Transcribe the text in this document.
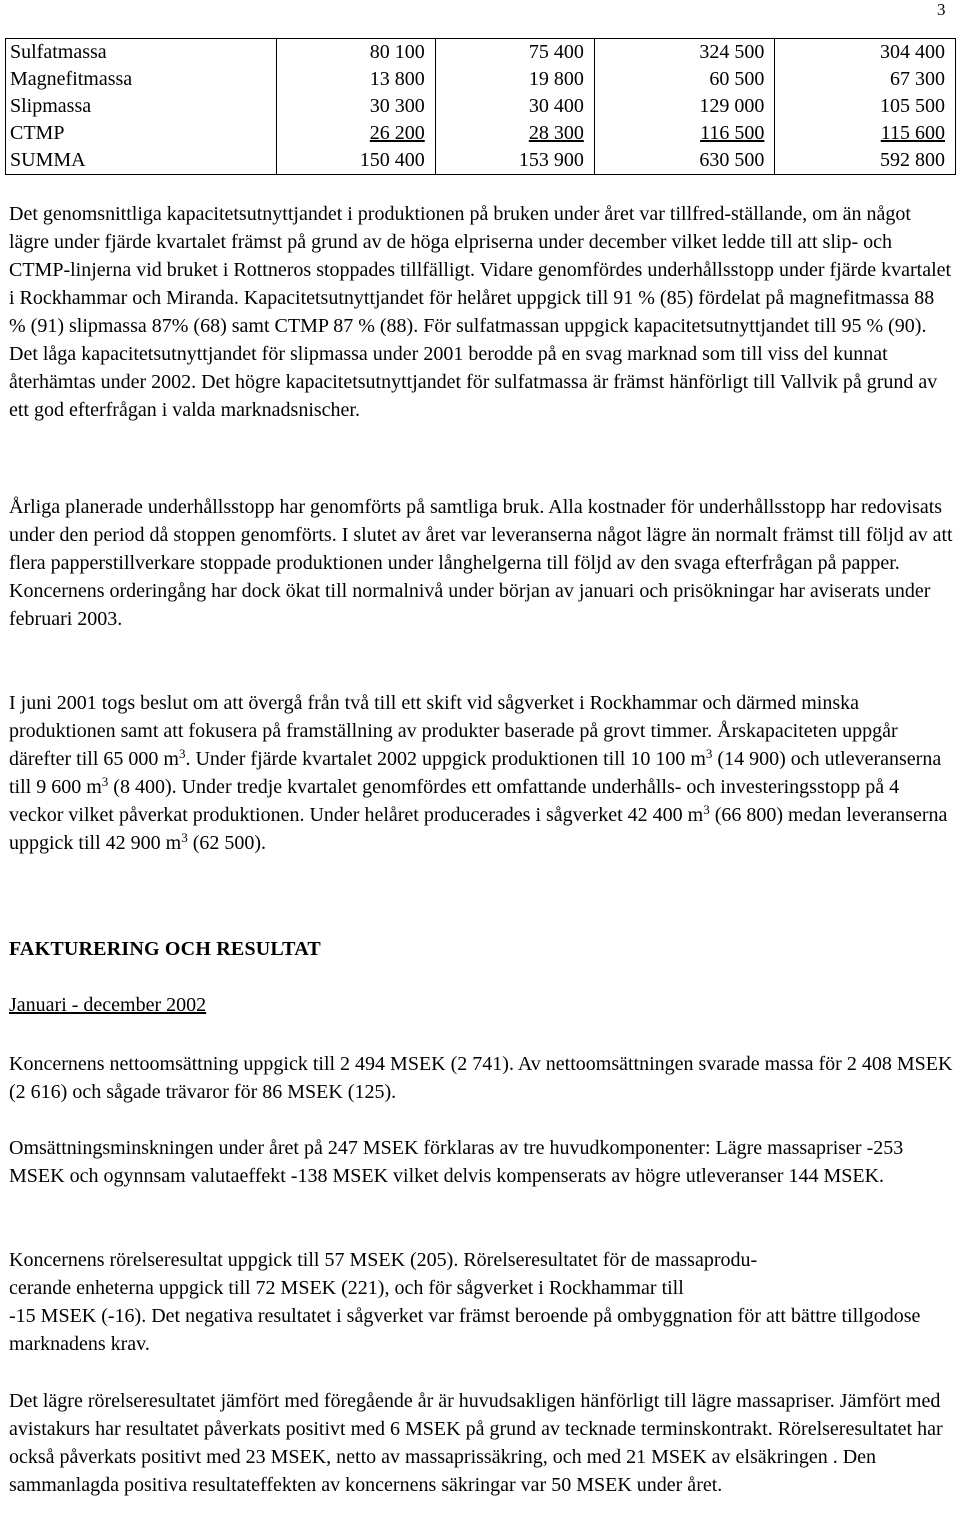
3
Sulfatmassa	80 100	75 400	324 500	304 400
Magnefitmassa	13 800	19 800	60 500	67 300
Slipmassa	30 300	30 400	129 000	105 500
CTMP	26 200	28 300	116 500	115 600
SUMMA	150 400	153 900	630 500	592 800

Det genomsnittliga kapacitetsutnyttjandet i produktionen på bruken under året var tillfred-ställande, om än något lägre under fjärde kvartalet främst på grund av de höga elpriserna under december vilket ledde till att slip- och CTMP-linjerna vid bruket i Rottneros stoppades tillfälligt. Vidare genomfördes underhållsstopp under fjärde kvartalet i Rockhammar och Miranda. Kapacitetsutnyttjandet för helåret uppgick till 91 % (85) fördelat på magnefitmassa 88 % (91) slipmassa 87% (68) samt CTMP 87 % (88). För sulfatmassan uppgick kapacitetsutnyttjandet till 95 % (90). Det låga kapacitetsutnyttjandet för slipmassa under 2001 berodde på en svag marknad som till viss del kunnat återhämtas under 2002. Det högre kapacitetsutnyttjandet för sulfatmassa är främst hänförligt till Vallvik på grund av ett god efterfrågan i valda marknadsnischer.

Årliga planerade underhållsstopp har genomförts på samtliga bruk. Alla kostnader för underhållsstopp har redovisats under den period då stoppen genomförts. I slutet av året var leveranserna något lägre än normalt främst till följd av att flera papperstillverkare stoppade produktionen under långhelgerna till följd av den svaga efterfrågan på papper. Koncernens orderingång har dock ökat till normalnivå under början av januari och prisökningar har aviserats under februari 2003.

I juni 2001 togs beslut om att övergå från två till ett skift vid sågverket i Rockhammar och därmed minska produktionen samt att fokusera på framställning av produkter baserade på grovt timmer. Årskapaciteten uppgår därefter till 65 000 $m^3$. Under fjärde kvartalet 2002 uppgick produktionen till 10 100 $m^3$ (14 900) och utleveranserna till 9 600 $m^3$ (8 400). Under tredje kvartalet genomfördes ett omfattande underhålls- och investeringsstopp på 4 veckor vilket påverkat produktionen. Under helåret producerades i sågverket 42 400 $m^3$ (66 800) medan leveranserna uppgick till 42 900 $m^3$ (62 500).

FAKTURERING OCH RESULTAT
Januari - december 2002

Koncernens nettoomsättning uppgick till 2 494 MSEK (2 741). Av nettoomsättningen svarade massa för 2 408 MSEK (2 616) och sågade trävaror för 86 MSEK (125).

Omsättningsminskningen under året på 247 MSEK förklaras av tre huvudkomponenter: Lägre massapriser -253 MSEK och ogynnsam valutaeffekt -138 MSEK vilket delvis kompenserats av högre utleveranser 144 MSEK.

Koncernens rörelseresultat uppgick till 57 MSEK (205). Rörelseresultatet för de massaprodu-

cerande enheterna uppgick till 72 MSEK (221), och för sågverket i Rockhammar till

-15 MSEK (-16). Det negativa resultatet i sågverket var främst beroende på ombyggnation för att bättre tillgodose marknadens krav.

Det lägre rörelseresultatet jämfört med föregående år är huvudsakligen hänförligt till lägre massapriser. Jämfört med avistakurs har resultatet påverkats positivt med 6 MSEK på grund av tecknade terminskontrakt. Rörelseresultatet har också påverkats positivt med 23 MSEK, netto av massaprissäkring, och med 21 MSEK av elsäkringen . Den sammanlagda positiva resultateffekten av koncernens säkringar var 50 MSEK under året.
